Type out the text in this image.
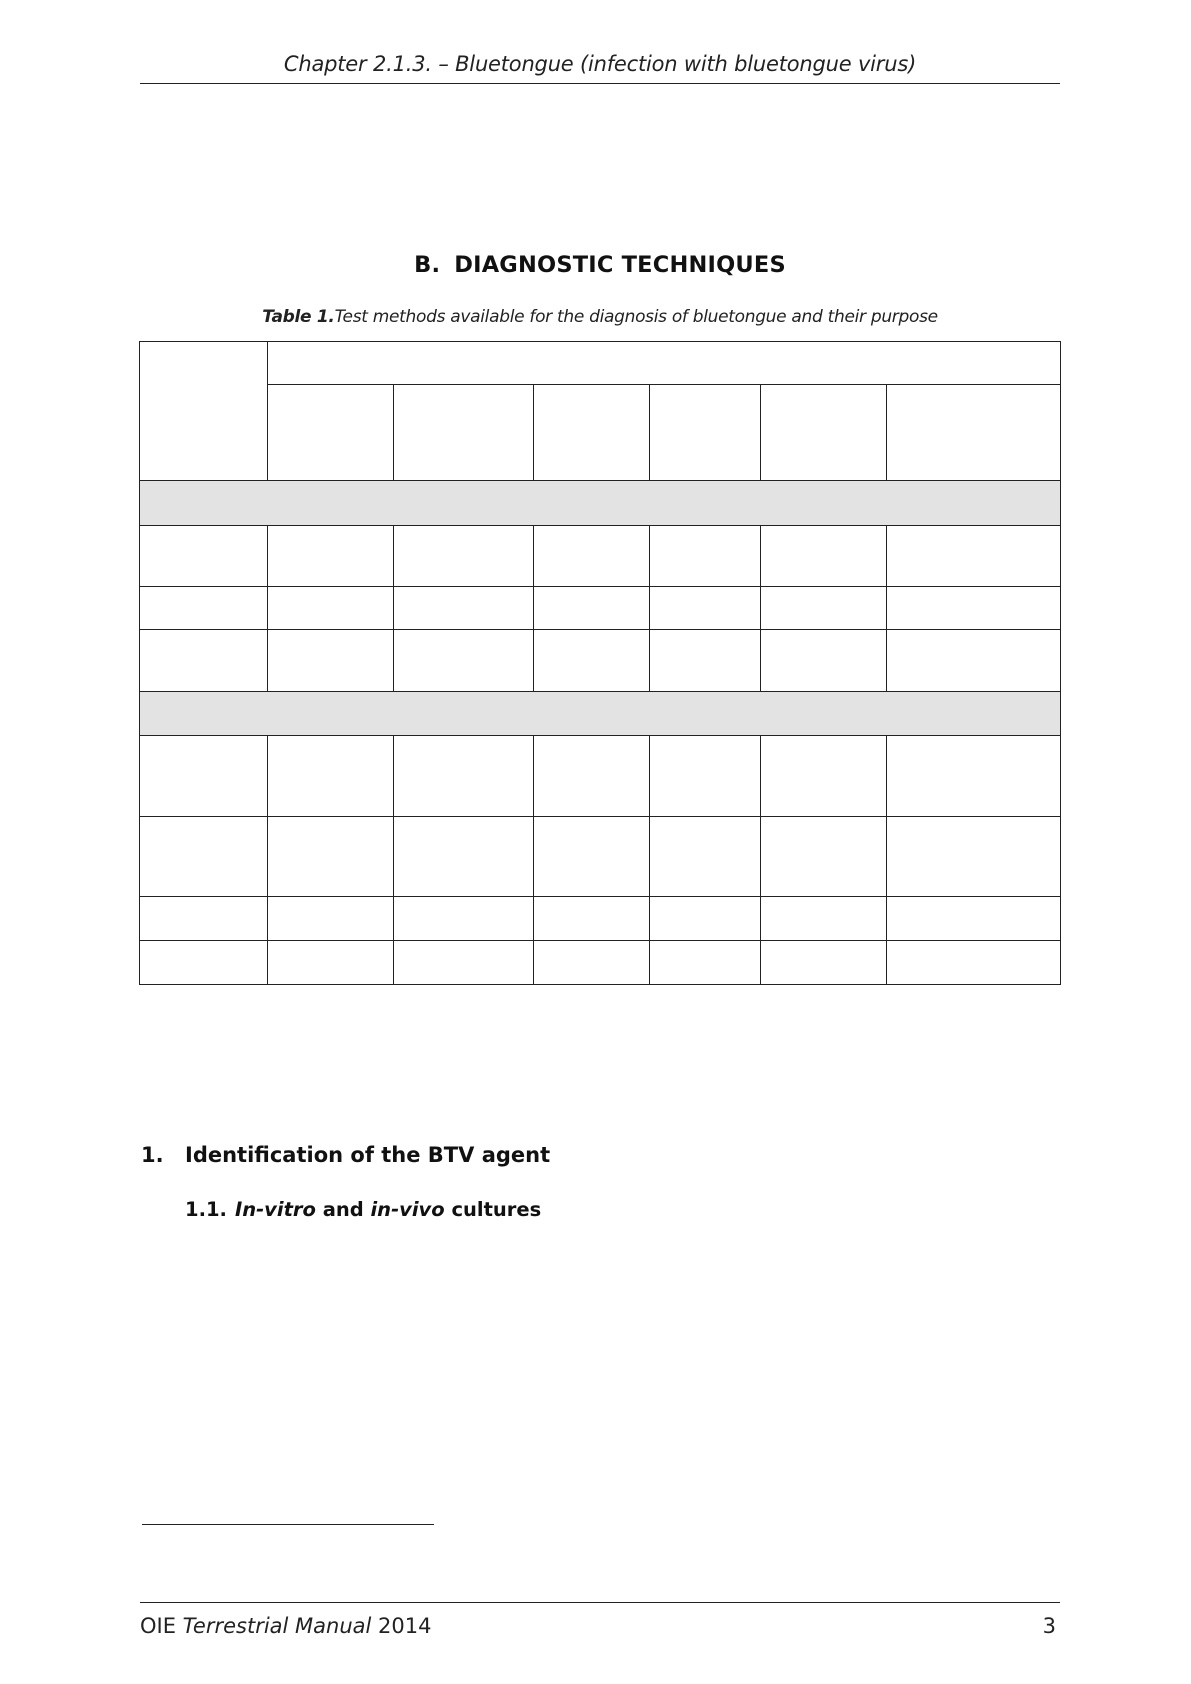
Chapter 2.1.3. – Bluetongue (infection with bluetongue virus)
B. DIAGNOSTIC TECHNIQUES
Table 1.Test methods available for the diagnosis of bluetongue and their purpose

1. Identification of the BTV agent
1.1. In-vitro and in-vivo cultures
OIE Terrestrial Manual 2014	3
